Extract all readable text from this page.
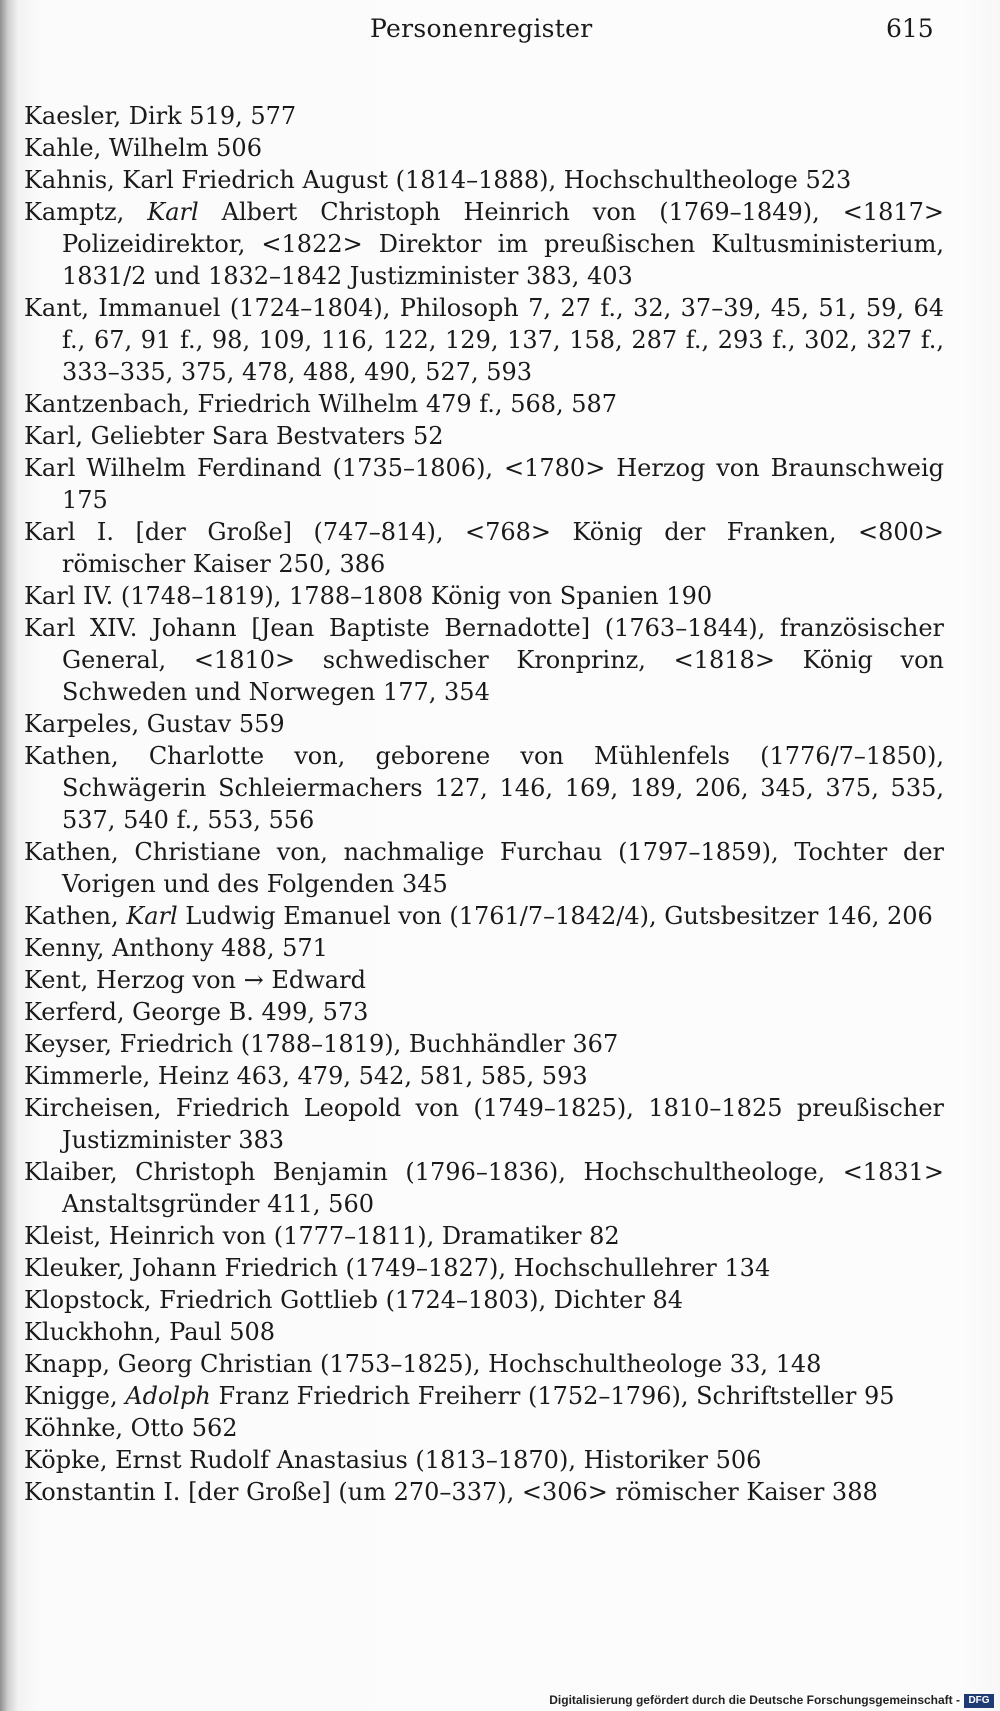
Personenregister	615

Kaesler, Dirk 519, 577

Kahle, Wilhelm 506

Kahnis, Karl Friedrich August (1814–1888), Hochschultheologe 523

Kamptz, Karl Albert Christoph Heinrich von (1769–1849), <1817> Polizeidirektor, <1822> Direktor im preußischen Kultusministerium, 1831/2 und 1832–1842 Justizminister 383, 403

Kant, Immanuel (1724–1804), Philosoph 7, 27 f., 32, 37–39, 45, 51, 59, 64 f., 67, 91 f., 98, 109, 116, 122, 129, 137, 158, 287 f., 293 f., 302, 327 f., 333–335, 375, 478, 488, 490, 527, 593

Kantzenbach, Friedrich Wilhelm 479 f., 568, 587

Karl, Geliebter Sara Bestvaters 52

Karl Wilhelm Ferdinand (1735–1806), <1780> Herzog von Braunschweig 175

Karl I. [der Große] (747–814), <768> König der Franken, <800> römischer Kaiser 250, 386

Karl IV. (1748–1819), 1788–1808 König von Spanien 190

Karl XIV. Johann [Jean Baptiste Bernadotte] (1763–1844), französischer General, <1810> schwedischer Kronprinz, <1818> König von Schweden und Norwegen 177, 354

Karpeles, Gustav 559

Kathen, Charlotte von, geborene von Mühlenfels (1776/7–1850), Schwägerin Schleiermachers 127, 146, 169, 189, 206, 345, 375, 535, 537, 540 f., 553, 556

Kathen, Christiane von, nachmalige Furchau (1797–1859), Tochter der Vorigen und des Folgenden 345

Kathen, Karl Ludwig Emanuel von (1761/7–1842/4), Gutsbesitzer 146, 206

Kenny, Anthony 488, 571

Kent, Herzog von → Edward

Kerferd, George B. 499, 573

Keyser, Friedrich (1788–1819), Buchhändler 367

Kimmerle, Heinz 463, 479, 542, 581, 585, 593

Kircheisen, Friedrich Leopold von (1749–1825), 1810–1825 preußischer Justizminister 383

Klaiber, Christoph Benjamin (1796–1836), Hochschultheologe, <1831> Anstaltsgründer 411, 560

Kleist, Heinrich von (1777–1811), Dramatiker 82

Kleuker, Johann Friedrich (1749–1827), Hochschullehrer 134

Klopstock, Friedrich Gottlieb (1724–1803), Dichter 84

Kluckhohn, Paul 508

Knapp, Georg Christian (1753–1825), Hochschultheologe 33, 148

Knigge, Adolph Franz Friedrich Freiherr (1752–1796), Schriftsteller 95

Köhnke, Otto 562

Köpke, Ernst Rudolf Anastasius (1813–1870), Historiker 506

Konstantin I. [der Große] (um 270–337), <306> römischer Kaiser 388

Digitalisierung gefördert durch die Deutsche Forschungsgemeinschaft - DFG
